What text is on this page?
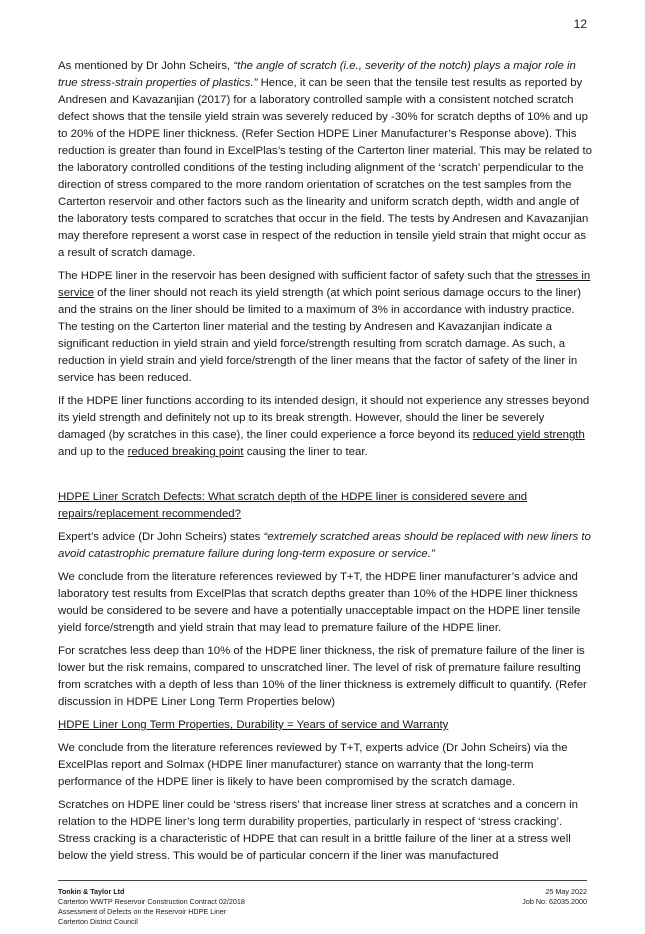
12

As mentioned by Dr John Scheirs, “the angle of scratch (i.e., severity of the notch) plays a major role in true stress-strain properties of plastics.” Hence, it can be seen that the tensile test results as reported by Andresen and Kavazanjian (2017) for a laboratory controlled sample with a consistent notched scratch defect shows that the tensile yield strain was severely reduced by -30% for scratch depths of 10% and up to 20% of the HDPE liner thickness. (Refer Section HDPE Liner Manufacturer’s Response above). This reduction is greater than found in ExcelPlas’s testing of the Carterton liner material. This may be related to the laboratory controlled conditions of the testing including alignment of the ‘scratch’ perpendicular to the direction of stress compared to the more random orientation of scratches on the test samples from the Carterton reservoir and other factors such as the linearity and uniform scratch depth, width and angle of the laboratory tests compared to scratches that occur in the field. The tests by Andresen and Kavazanjian may therefore represent a worst case in respect of the reduction in tensile yield strain that might occur as a result of scratch damage.

The HDPE liner in the reservoir has been designed with sufficient factor of safety such that the stresses in service of the liner should not reach its yield strength (at which point serious damage occurs to the liner) and the strains on the liner should be limited to a maximum of 3% in accordance with industry practice. The testing on the Carterton liner material and the testing by Andresen and Kavazanjian indicate a significant reduction in yield strain and yield force/strength resulting from scratch damage. As such, a reduction in yield strain and yield force/strength of the liner means that the factor of safety of the liner in service has been reduced.

If the HDPE liner functions according to its intended design, it should not experience any stresses beyond its yield strength and definitely not up to its break strength. However, should the liner be severely damaged (by scratches in this case), the liner could experience a force beyond its reduced yield strength and up to the reduced breaking point causing the liner to tear.

HDPE Liner Scratch Defects: What scratch depth of the HDPE liner is considered severe and repairs/replacement recommended?

Expert’s advice (Dr John Scheirs) states “extremely scratched areas should be replaced with new liners to avoid catastrophic premature failure during long-term exposure or service.”

We conclude from the literature references reviewed by T+T, the HDPE liner manufacturer’s advice and laboratory test results from ExcelPlas that scratch depths greater than 10% of the HDPE liner thickness would be considered to be severe and have a potentially unacceptable impact on the HDPE liner tensile yield force/strength and yield strain that may lead to premature failure of the HDPE liner.

For scratches less deep than 10% of the HDPE liner thickness, the risk of premature failure of the liner is lower but the risk remains, compared to unscratched liner. The level of risk of premature failure resulting from scratches with a depth of less than 10% of the liner thickness is extremely difficult to quantify. (Refer discussion in HDPE Liner Long Term Properties below)

HDPE Liner Long Term Properties, Durability = Years of service and Warranty

We conclude from the literature references reviewed by T+T, experts advice (Dr John Scheirs) via the ExcelPlas report and Solmax (HDPE liner manufacturer) stance on warranty that the long-term performance of the HDPE liner is likely to have been compromised by the scratch damage.

Scratches on HDPE liner could be ‘stress risers’ that increase liner stress at scratches and a concern in relation to the HDPE liner’s long term durability properties, particularly in respect of ‘stress cracking’. Stress cracking is a characteristic of HDPE that can result in a brittle failure of the liner at a stress well below the yield stress. This would be of particular concern if the liner was manufactured

Tonkin & Taylor Ltd
Carterton WWTP Reservoir Construction Contract 02/2018
Assessment of Defects on the Reservoir HDPE Liner
Carterton District Council
25 May 2022
Job No: 62035.2000
